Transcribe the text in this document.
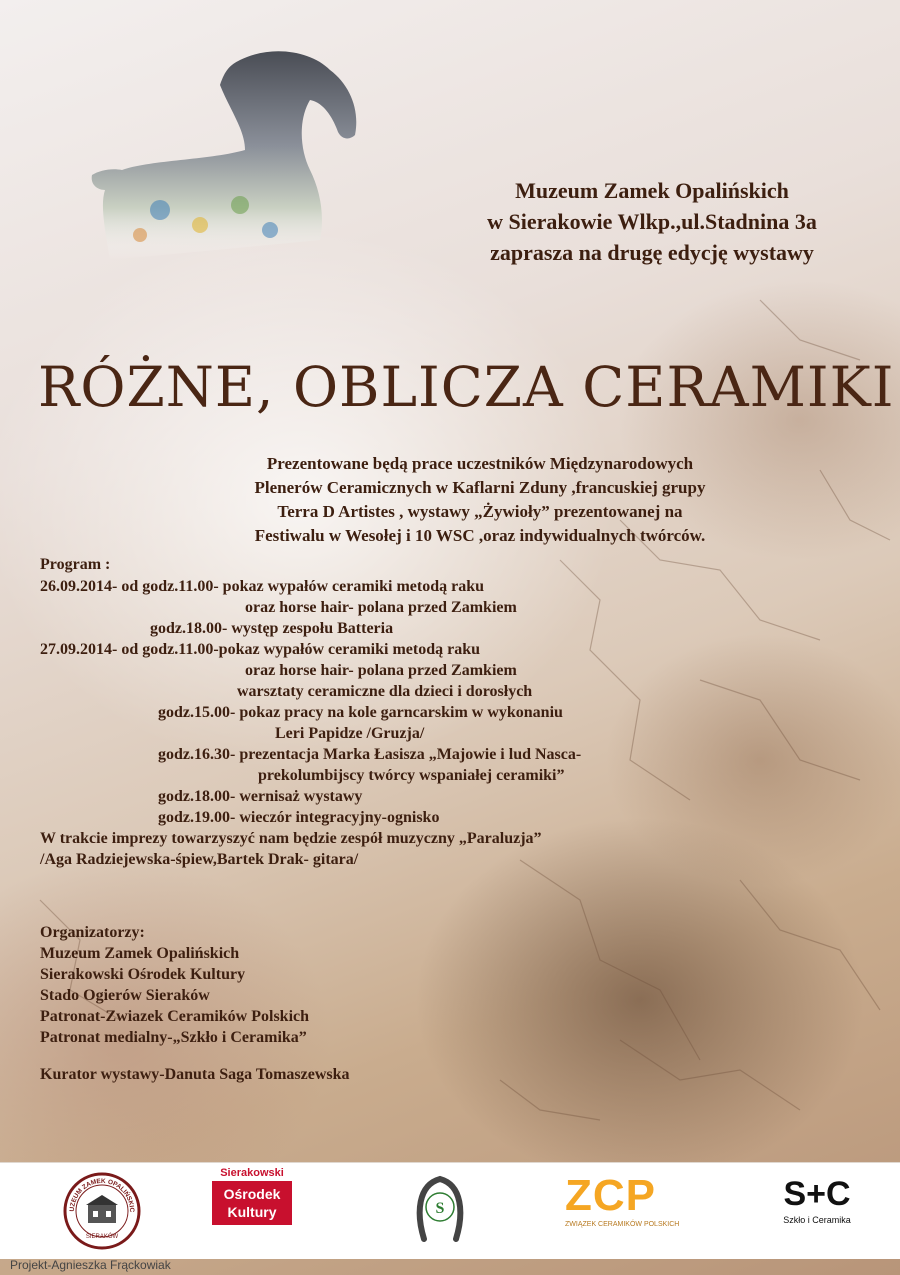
Muzeum Zamek Opalińskich
w Sierakowie Wlkp.,ul.Stadnina 3a
zaprasza na drugę edycję wystawy
RÓŻNE, OBLICZA CERAMIKI
Prezentowane będą prace uczestników Międzynarodowych
Plenerów Ceramicznych w Kaflarni Zduny ,francuskiej grupy
Terra D Artistes , wystawy „Żywioły” prezentowanej na
Festiwalu w Wesołej i 10 WSC ,oraz indywidualnych twórców.
Program :
26.09.2014- od godz.11.00- pokaz wypałów ceramiki metodą raku
oraz horse hair- polana przed Zamkiem
godz.18.00- występ zespołu Batteria
27.09.2014- od godz.11.00-pokaz wypałów ceramiki metodą raku
oraz horse hair- polana przed Zamkiem
warsztaty ceramiczne dla dzieci i dorosłych
godz.15.00- pokaz pracy na kole garncarskim w wykonaniu
Leri Papidze /Gruzja/
godz.16.30- prezentacja Marka Łasisza „Majowie i lud Nasca-
prekolumbijscy twórcy wspaniałej ceramiki”
godz.18.00- wernisaż wystawy
godz.19.00- wieczór integracyjny-ognisko
W trakcie imprezy towarzyszyć nam będzie zespół muzyczny „Paraluzja”
/Aga Radziejewska-śpiew,Bartek Drak- gitara/
Organizatorzy:
Muzeum Zamek Opalińskich
Sierakowski Ośrodek Kultury
Stado Ogierów Sieraków
Patronat-Zwiazek Ceramików Polskich
Patronat medialny-„Szkło i Ceramika”
Kurator wystawy-Danuta Saga Tomaszewska
UZEUM ZAMEK OPALIŃSKIC
SIERAKÓW
Sierakowski
Ośrodek
Kultury	S	ZCP
ZWIĄZEK CERAMIKÓW POLSKICH
S+C
Szkło i Ceramika
Projekt-Agnieszka Frąckowiak
